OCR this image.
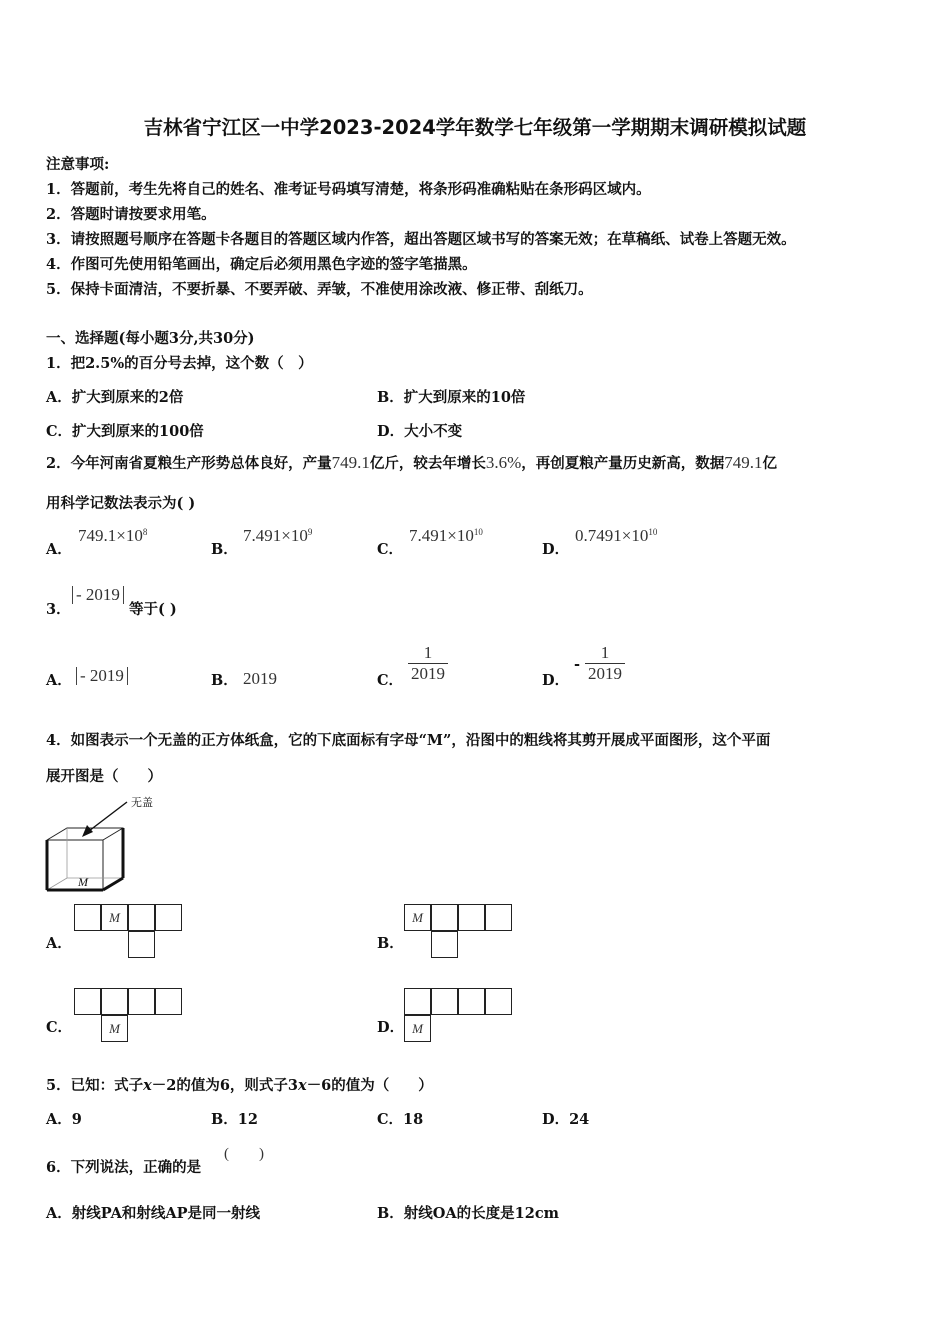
吉林省宁江区一中学2023-2024学年数学七年级第一学期期末调研模拟试题
注意事项:
1．答题前，考生先将自己的姓名、准考证号码填写清楚，将条形码准确粘贴在条形码区域内。
2．答题时请按要求用笔。
3．请按照题号顺序在答题卡各题目的答题区域内作答，超出答题区域书写的答案无效；在草稿纸、试卷上答题无效。
4．作图可先使用铅笔画出，确定后必须用黑色字迹的签字笔描黑。
5．保持卡面清洁，不要折暴、不要弄破、弄皱，不准使用涂改液、修正带、刮纸刀。
一、选择题(每小题3分,共30分)
1．把2.5%的百分号去掉，这个数（　）
A．扩大到原来的2倍	B．扩大到原来的10倍
C．扩大到原来的100倍	D．大小不变
2．今年河南省夏粮生产形势总体良好，产量749.1亿斤，较去年增长3.6%，再创夏粮产量历史新高，数据749.1亿
用科学记数法表示为( )
A．
$749.1\times 10^8$
B．
$7.491\times 10^9$
C．
$7.491\times 10^{10}$
D．
$0.7491\times 10^{10}$
3．
- 2019
等于( )
A． - 2019	B． 2019	C． $\frac{1}{2019}$	D．
- $\frac{1}{2019}$
4．如图表示一个无盖的正方体纸盒，它的下底面标有字母“M”，沿图中的粗线将其剪开展成平面图形，这个平面
展开图是（　　）
无盖
M
A．
M
B．
M
C．	M	D． M
5．已知：式子x－2的值为6，则式子3x－6的值为（　　）
A．9	B．12	C．18	D．24
6．下列说法，正确的是
(　　)
A．射线PA和射线AP是同一射线	B．射线OA的长度是12cm
